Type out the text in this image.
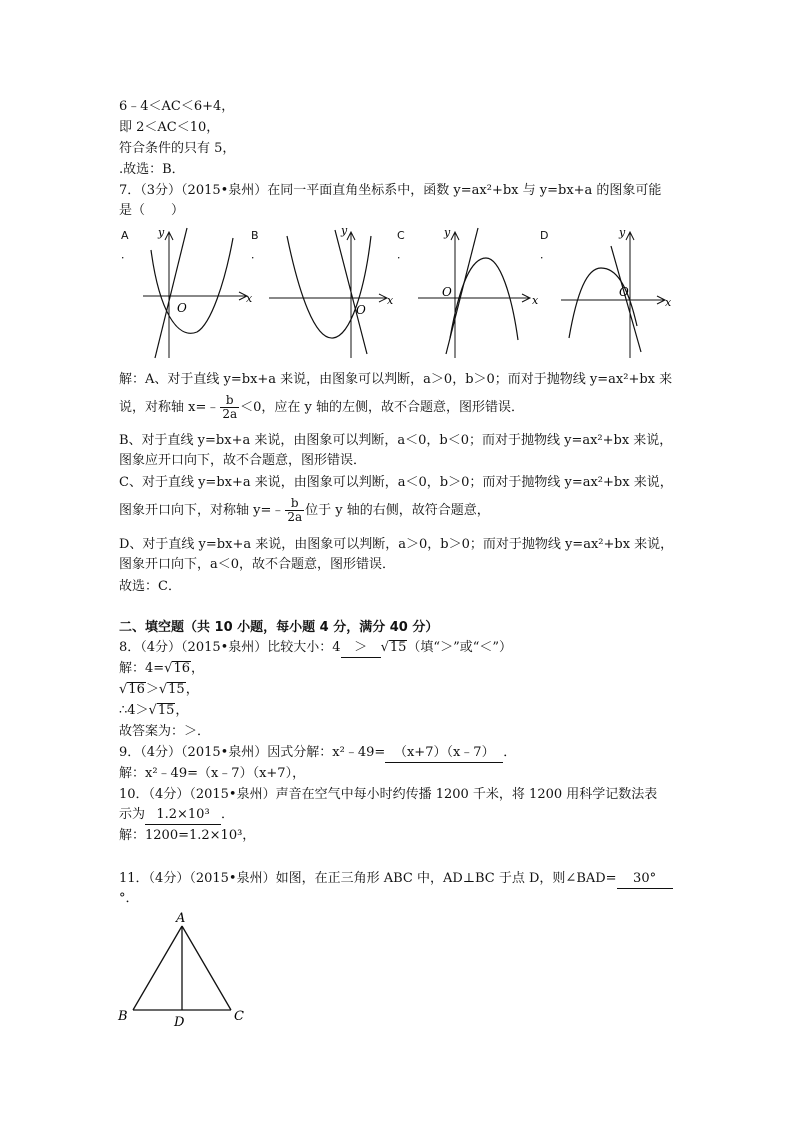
6﹣4＜AC＜6+4，
即 2＜AC＜10，
符合条件的只有 5，
.故选：B．
7．（3分）（2015•泉州）在同一平面直角坐标系中，函数 y=ax²+bx 与 y=bx+a 的图象可能
是（　　）
A
．
B
．
C
．
D
．
x
y
O
x
y
O
x
y
O
x
y
O
解：A、对于直线 y=bx+a 来说，由图象可以判断，a＞0，b＞0；而对于抛物线 y=ax²+bx 来
说，对称轴 x=﹣ $\frac{b}{2a} <0$，应在 y 轴的左侧，故不合题意，图形错误．
B、对于直线 y=bx+a 来说，由图象可以判断，a＜0，b＜0；而对于抛物线 y=ax²+bx 来说，
图象应开口向下，故不合题意，图形错误．
C、对于直线 y=bx+a 来说，由图象可以判断，a＜0，b＞0；而对于抛物线 y=ax²+bx 来说，
图象开口向下，对称轴 y=﹣ $\frac{b}{2a}$ 位于 y 轴的右侧，故符合题意，
D、对于直线 y=bx+a 来说，由图象可以判断，a＞0，b＞0；而对于抛物线 y=ax²+bx 来说，
图象开口向下，a＜0，故不合题意，图形错误．
故选：C．
二、填空题（共 10 小题，每小题 4 分，满分 40 分）
8．（4分）（2015•泉州）比较大小：4 ＞ √15（填“＞”或“＜”）
解：4=√16，
√16＞√15，
∴4＞√15，
故答案为：＞．
9．（4分）（2015•泉州）因式分解：x²﹣49= （x+7）（x﹣7） ．
解：x²﹣49=（x﹣7）（x+7），
10．（4分）（2015•泉州）声音在空气中每小时约传播 1200 千米，将 1200 用科学记数法表
示为 1.2×10³ ．
解：1200=1.2×10³，
11．（4分）（2015•泉州）如图，在正三角形 ABC 中，AD⊥BC 于点 D，则∠BAD= 30°
°．
A
B	C
D
